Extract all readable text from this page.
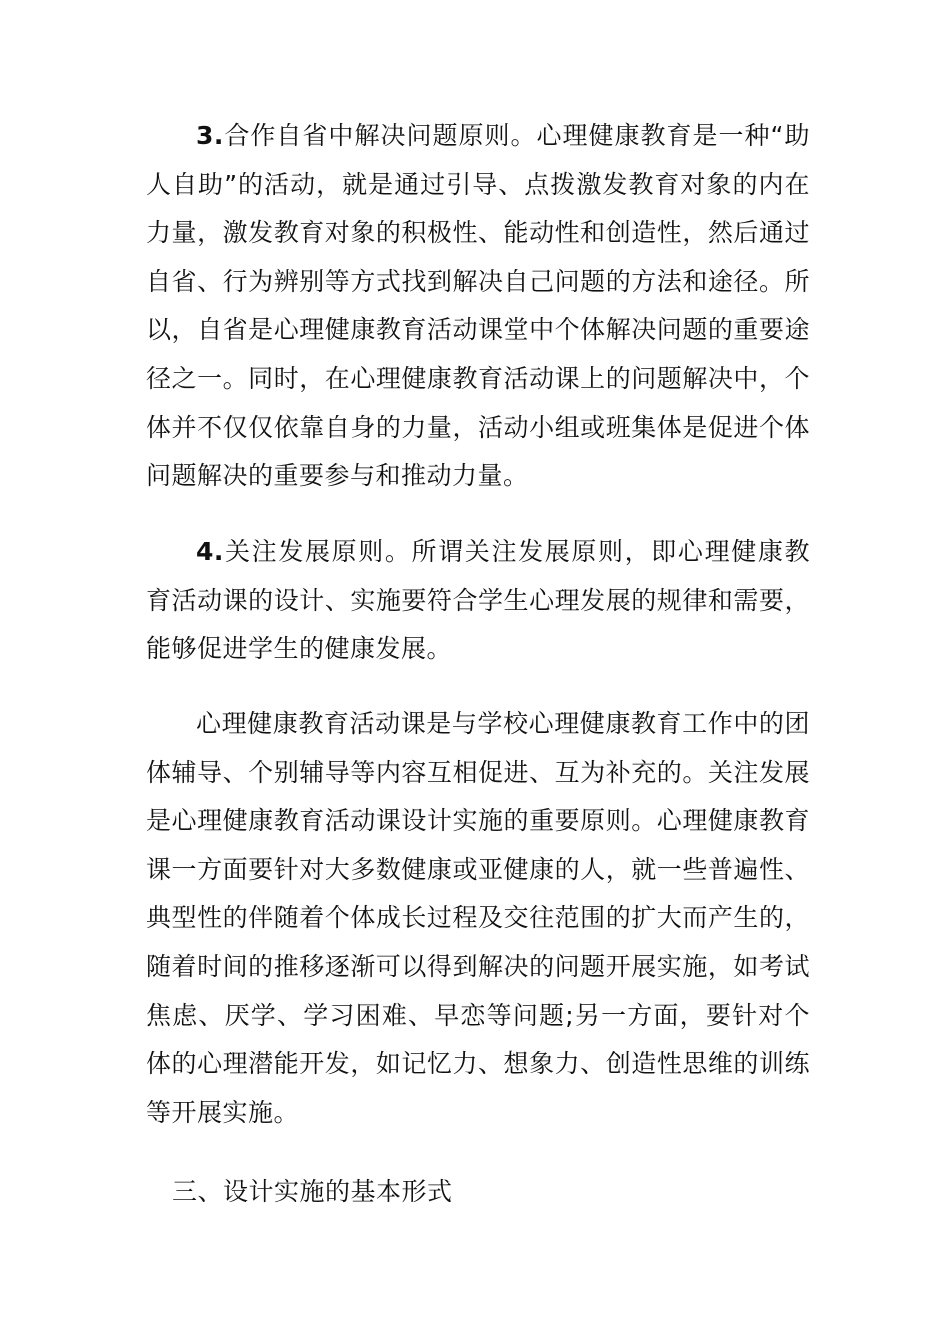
3.合作自省中解决问题原则。心理健康教育是一种“助人自助”的活动，就是通过引导、点拨激发教育对象的内在力量，激发教育对象的积极性、能动性和创造性，然后通过自省、行为辨别等方式找到解决自己问题的方法和途径。所以，自省是心理健康教育活动课堂中个体解决问题的重要途径之一。同时，在心理健康教育活动课上的问题解决中，个体并不仅仅依靠自身的力量，活动小组或班集体是促进个体问题解决的重要参与和推动力量。

4.关注发展原则。所谓关注发展原则，即心理健康教育活动课的设计、实施要符合学生心理发展的规律和需要，能够促进学生的健康发展。

心理健康教育活动课是与学校心理健康教育工作中的团体辅导、个别辅导等内容互相促进、互为补充的。关注发展是心理健康教育活动课设计实施的重要原则。心理健康教育课一方面要针对大多数健康或亚健康的人，就一些普遍性、典型性的伴随着个体成长过程及交往范围的扩大而产生的，随着时间的推移逐渐可以得到解决的问题开展实施，如考试焦虑、厌学、学习困难、早恋等问题;另一方面，要针对个体的心理潜能开发，如记忆力、想象力、创造性思维的训练等开展实施。

三、设计实施的基本形式
